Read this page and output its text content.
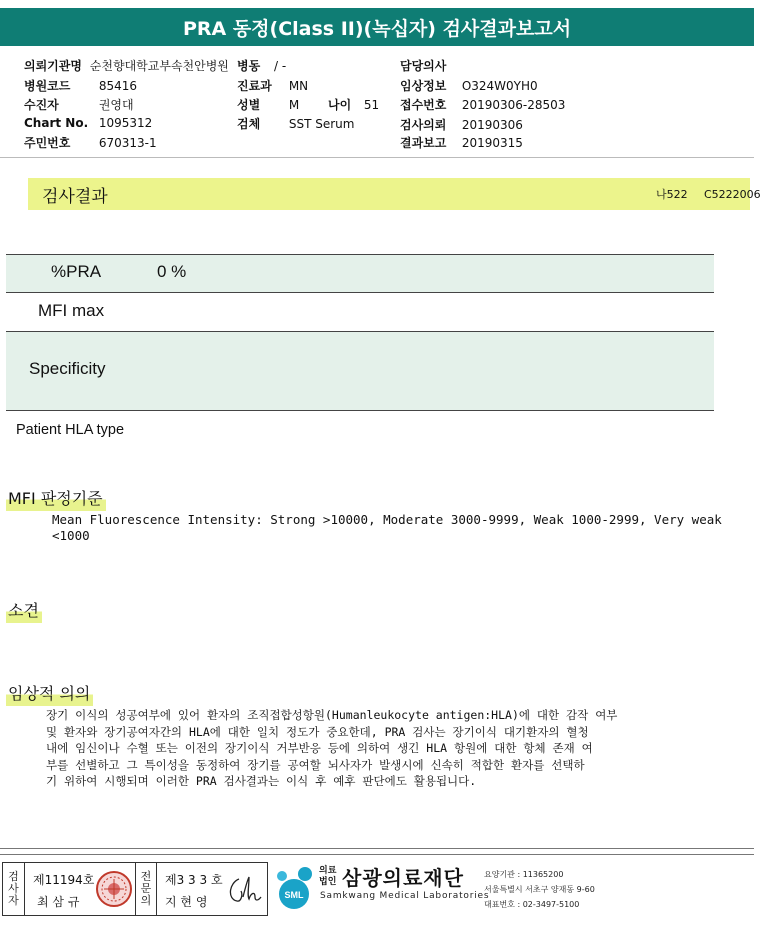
PRA 동정(Class II)(녹십자) 검사결과보고서
의뢰기관명 순천향대학교부속천안병원 병동 / -	담당의사
병원코드 85416	진료과 MN	임상정보 O324W0YH0
수진자	권영대	성별 M 나이 51 접수번호 20190306-28503
Chart No. 1095312	검체 SST Serum	검사의뢰 20190306
주민번호 670313-1	결과보고 20190315
검사결과	나522 C5222006
%PRA	0 %
MFI max
Specificity
Patient HLA type
MFI 판정기준
Mean Fluorescence Intensity: Strong >10000, Moderate 3000-9999, Weak 1000-2999, Very weak
<1000
소견
임상적 의의
장기 이식의 성공여부에 있어 환자의 조직접합성항원(Humanleukocyte antigen:HLA)에 대한 감작 여부
및 환자와 장기공여자간의 HLA에 대한 일치 정도가 중요한데, PRA 검사는 장기이식 대기환자의 혈청
내에 임신이나 수혈 또는 이전의 장기이식 거부반응 등에 의하여 생긴 HLA 항원에 대한 항체 존재 여
부를 선별하고 그 특이성을 동정하여 장기를 공여할 뇌사자가 발생시에 신속히 적합한 환자를 선택하
기 위하여 시행되며 이러한 PRA 검사결과는 이식 후 예후 판단에도 활용됩니다.
검
사
자
제11194호
최 삼 규
전
문
의
제3 3 3 호
지 현 영	SML
의료
법인 삼광의료재단
Samkwang Medical Laboratories
요양기관 : 11365200
서울특별시 서초구 양재동 9-60
대표번호 : 02-3497-5100
